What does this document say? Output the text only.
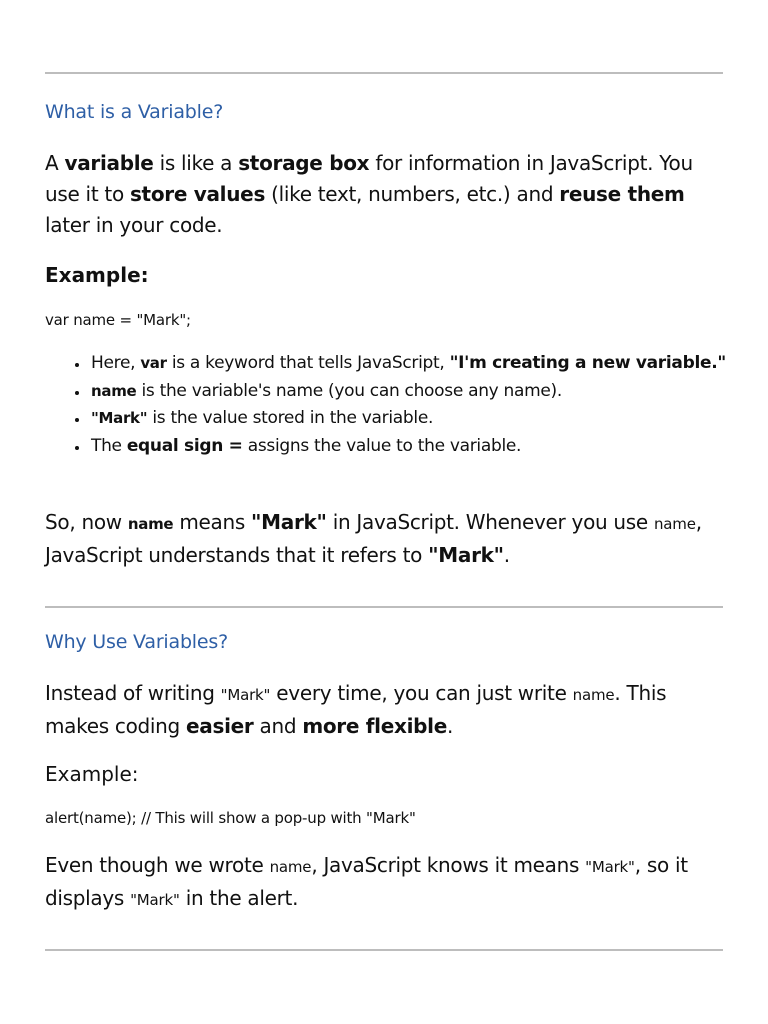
What is a Variable?

A variable is like a storage box for information in JavaScript. You use it to store values (like text, numbers, etc.) and reuse them later in your code.

Example:

var name = "Mark";

• Here, var is a keyword that tells JavaScript, "I'm creating a new variable."
• name is the variable's name (you can choose any name).
• "Mark" is the value stored in the variable.
• The equal sign = assigns the value to the variable.

So, now name means "Mark" in JavaScript. Whenever you use name, JavaScript understands that it refers to "Mark".

Why Use Variables?

Instead of writing "Mark" every time, you can just write name. This makes coding easier and more flexible.

Example:

alert(name); // This will show a pop-up with "Mark"

Even though we wrote name, JavaScript knows it means "Mark", so it displays "Mark" in the alert.
